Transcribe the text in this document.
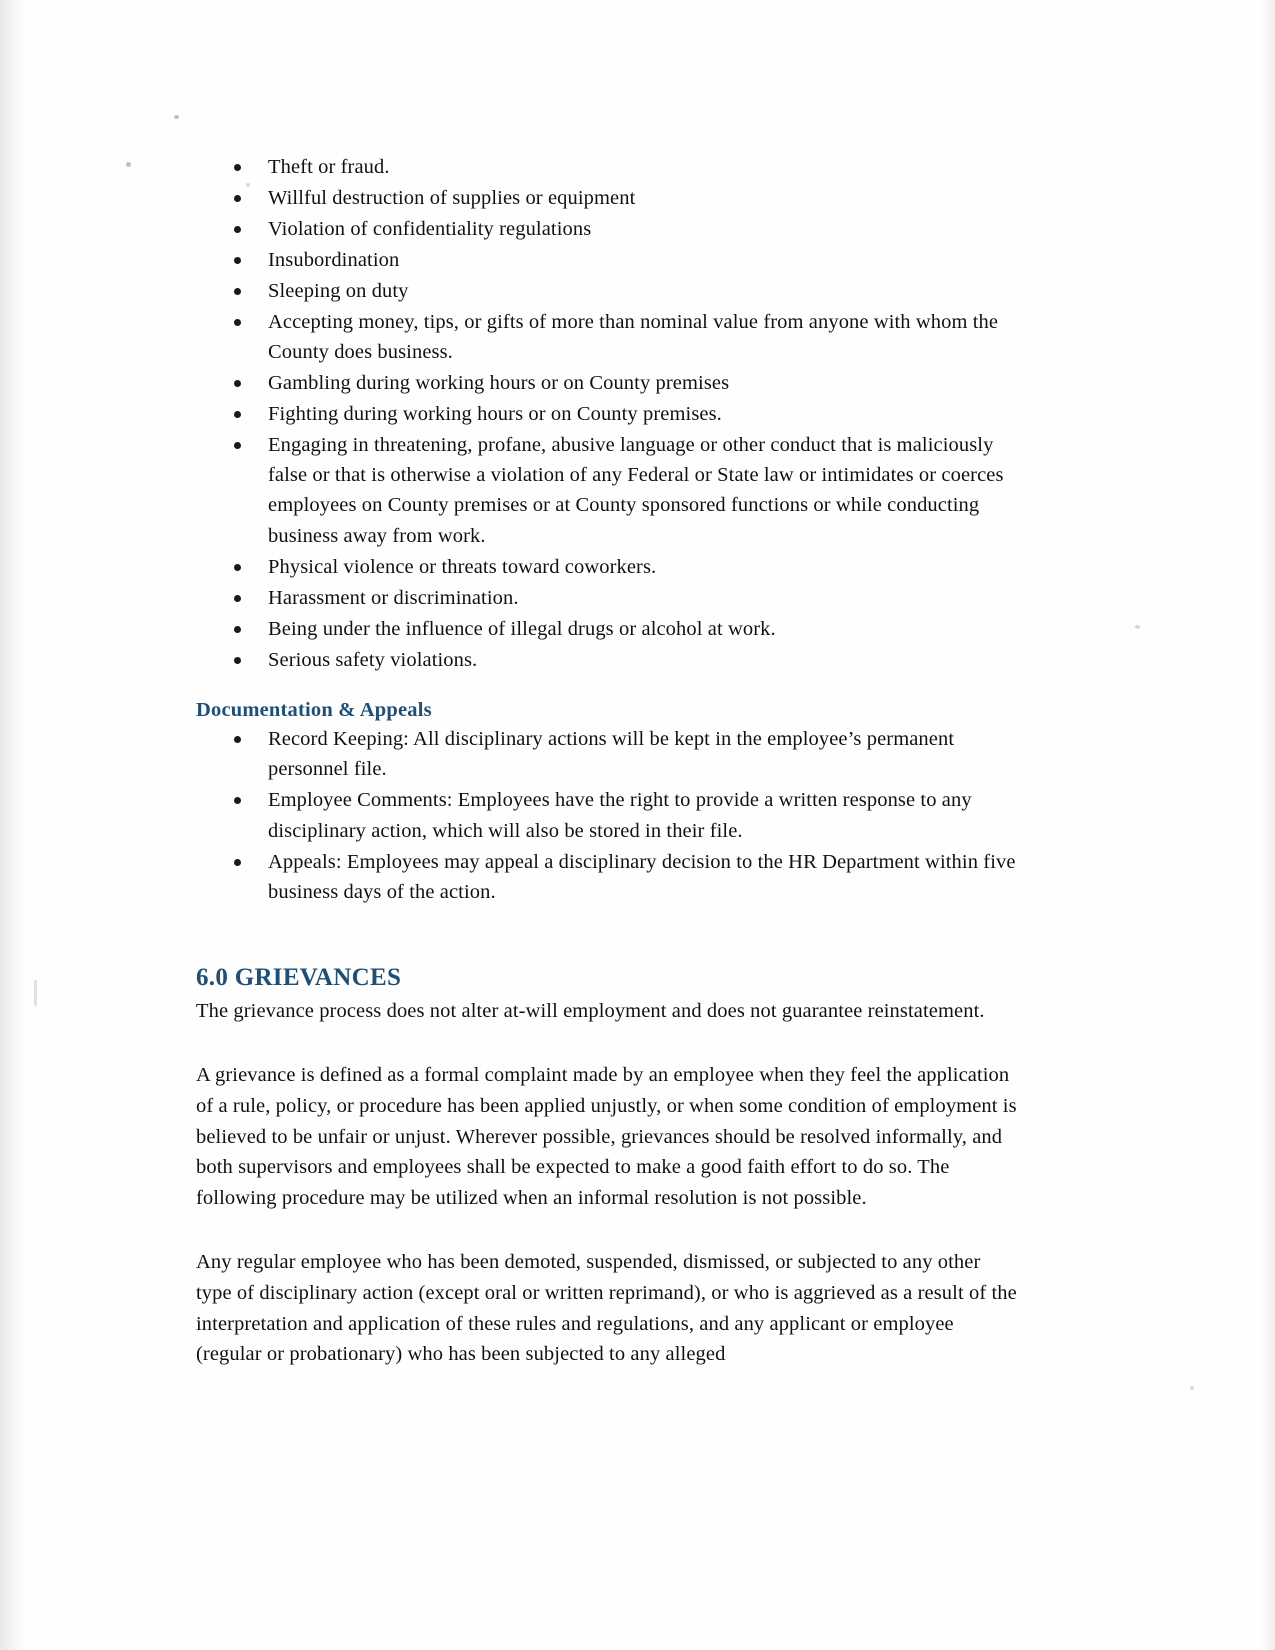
Theft or fraud.
Willful destruction of supplies or equipment
Violation of confidentiality regulations
Insubordination
Sleeping on duty
Accepting money, tips, or gifts of more than nominal value from anyone with whom the County does business.
Gambling during working hours or on County premises
Fighting during working hours or on County premises.
Engaging in threatening, profane, abusive language or other conduct that is maliciously false or that is otherwise a violation of any Federal or State law or intimidates or coerces employees on County premises or at County sponsored functions or while conducting business away from work.
Physical violence or threats toward coworkers.
Harassment or discrimination.
Being under the influence of illegal drugs or alcohol at work.
Serious safety violations.
Documentation & Appeals
Record Keeping: All disciplinary actions will be kept in the employee’s permanent personnel file.
Employee Comments: Employees have the right to provide a written response to any disciplinary action, which will also be stored in their file.
Appeals: Employees may appeal a disciplinary decision to the HR Department within five business days of the action.
6.0 GRIEVANCES

The grievance process does not alter at-will employment and does not guarantee reinstatement.

A grievance is defined as a formal complaint made by an employee when they feel the application of a rule, policy, or procedure has been applied unjustly, or when some condition of employment is believed to be unfair or unjust. Wherever possible, grievances should be resolved informally, and both supervisors and employees shall be expected to make a good faith effort to do so. The following procedure may be utilized when an informal resolution is not possible.

Any regular employee who has been demoted, suspended, dismissed, or subjected to any other type of disciplinary action (except oral or written reprimand), or who is aggrieved as a result of the interpretation and application of these rules and regulations, and any applicant or employee (regular or probationary) who has been subjected to any alleged
